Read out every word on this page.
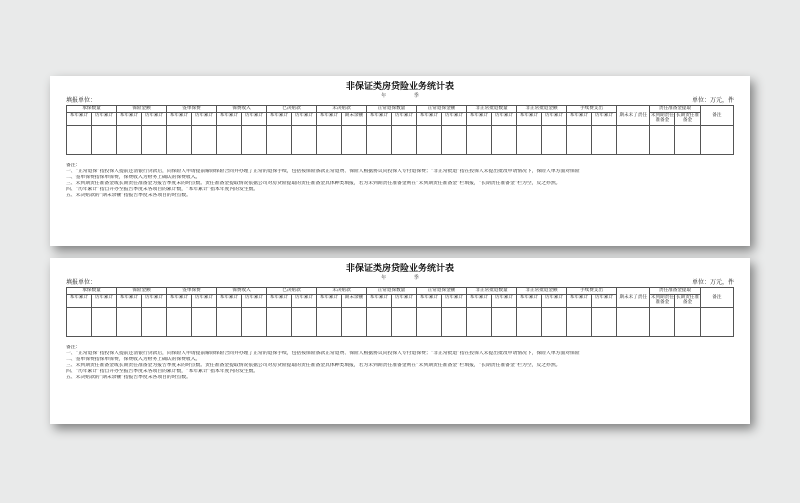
非保证类房贷险业务统计表
年 季
填报单位：	单位：万元，件
承保数量		保险金额		签单保费		保费收入		已决赔款		未决赔款		正常退保数量		正常退保金额		非正常批退数量		非正常批退金额		手续费支出		期末未了责任	责任准备金提取		备注
本年累计	历年累计	本年累计	历年累计	本年累计	历年累计	本年累计	历年累计	本年累计	历年累计	本年累计	期末余额	本年累计	历年累计	本年累计	历年累计	本年累计	历年累计	本年累计	历年累计	本年累计	历年累计		未到期责任准备金	长期责任准备金	

备注：
一、“正常退保”指投保人提前还清银行贷款后，向保险人申请提前解除保险合同并办理了正常的退保手续，包括按保险条款正常退费、保险人根据协议向投保人专付退保费；“非正常批退”指在投保人未提出批改申请情况下，保险人单方面对保险
二、签单保费指保单保费，保费收入为财务上确认的保费收入。
三、未到期责任准备金或长期责任准备金为报告季度末的时点数。责任准备金提取情况依据公司对房贷险提取的责任准备金具体种类填报，若为未到期责任准备金则在“未到期责任准备金”栏填报，“长期责任准备金”栏为空，反之亦然。
四、“历年累计”指自开办至报告季度末各项目的累计数，“本年累计”指本年度内的发生数。
五、未决赔款的“期末余额”指报告季度末各项目的时点数。
非保证类房贷险业务统计表
年 季
填报单位：	单位：万元，件
承保数量		保险金额		签单保费		保费收入		已决赔款		未决赔款		正常退保数量		正常退保金额		非正常批退数量		非正常批退金额		手续费支出		期末未了责任	责任准备金提取		备注
本年累计	历年累计	本年累计	历年累计	本年累计	历年累计	本年累计	历年累计	本年累计	历年累计	本年累计	期末余额	本年累计	历年累计	本年累计	历年累计	本年累计	历年累计	本年累计	历年累计	本年累计	历年累计		未到期责任准备金	长期责任准备金	

备注：
一、“正常退保”指投保人提前还清银行贷款后，向保险人申请提前解除保险合同并办理了正常的退保手续，包括按保险条款正常退费、保险人根据协议向投保人专付退保费；“非正常批退”指在投保人未提出批改申请情况下，保险人单方面对保险
二、签单保费指保单保费，保费收入为财务上确认的保费收入。
三、未到期责任准备金或长期责任准备金为报告季度末的时点数。责任准备金提取情况依据公司对房贷险提取的责任准备金具体种类填报，若为未到期责任准备金则在“未到期责任准备金”栏填报，“长期责任准备金”栏为空，反之亦然。
四、“历年累计”指自开办至报告季度末各项目的累计数，“本年累计”指本年度内的发生数。
五、未决赔款的“期末余额”指报告季度末各项目的时点数。
